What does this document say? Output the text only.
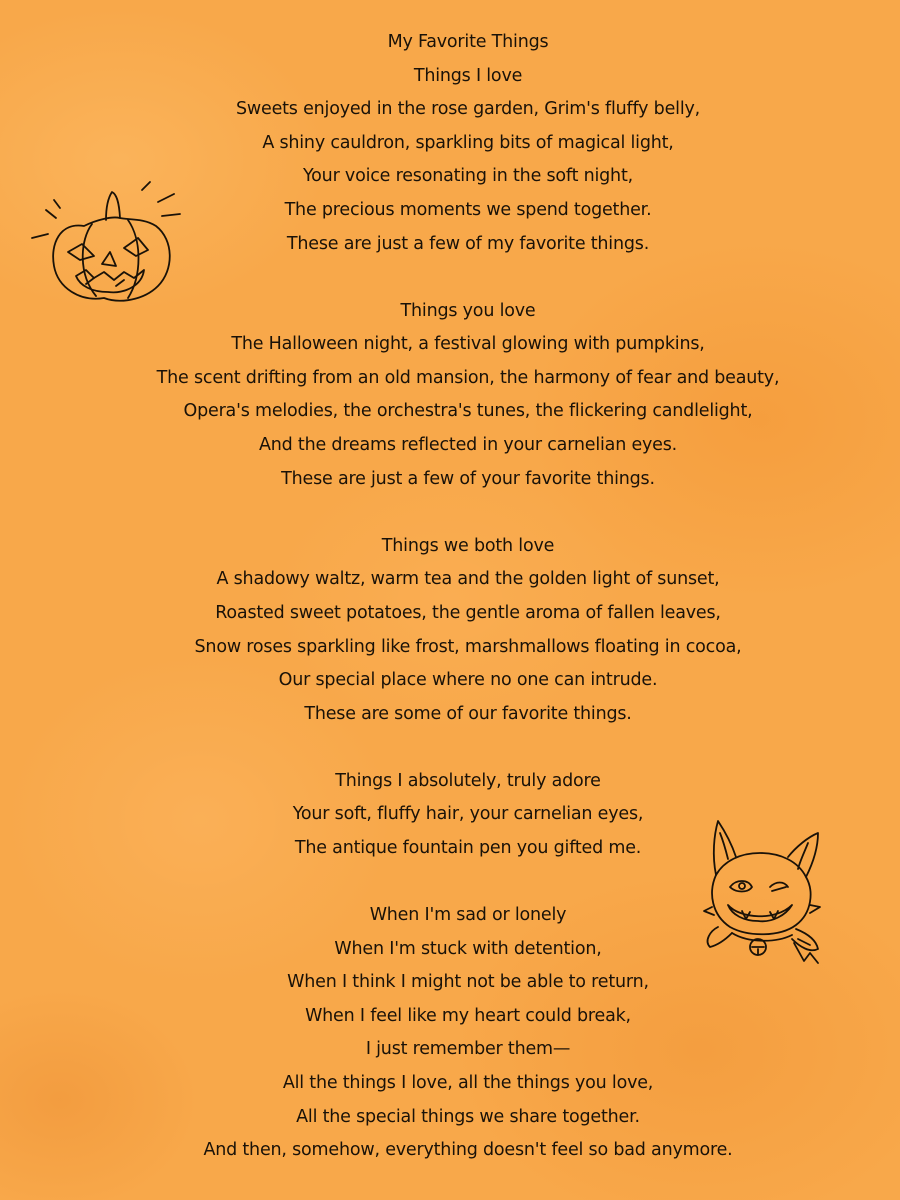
My Favorite Things
Things I love
Sweets enjoyed in the rose garden, Grim's fluffy belly,
A shiny cauldron, sparkling bits of magical light,
Your voice resonating in the soft night,
The precious moments we spend together.
These are just a few of my favorite things.
Things you love
The Halloween night, a festival glowing with pumpkins,
The scent drifting from an old mansion, the harmony of fear and beauty,
Opera's melodies, the orchestra's tunes, the flickering candlelight,
And the dreams reflected in your carnelian eyes.
These are just a few of your favorite things.
Things we both love
A shadowy waltz, warm tea and the golden light of sunset,
Roasted sweet potatoes, the gentle aroma of fallen leaves,
Snow roses sparkling like frost, marshmallows floating in cocoa,
Our special place where no one can intrude.
These are some of our favorite things.
Things I absolutely, truly adore
Your soft, fluffy hair, your carnelian eyes,
The antique fountain pen you gifted me.
When I'm sad or lonely
When I'm stuck with detention,
When I think I might not be able to return,
When I feel like my heart could break,
I just remember them—
All the things I love, all the things you love,
All the special things we share together.
And then, somehow, everything doesn't feel so bad anymore.
